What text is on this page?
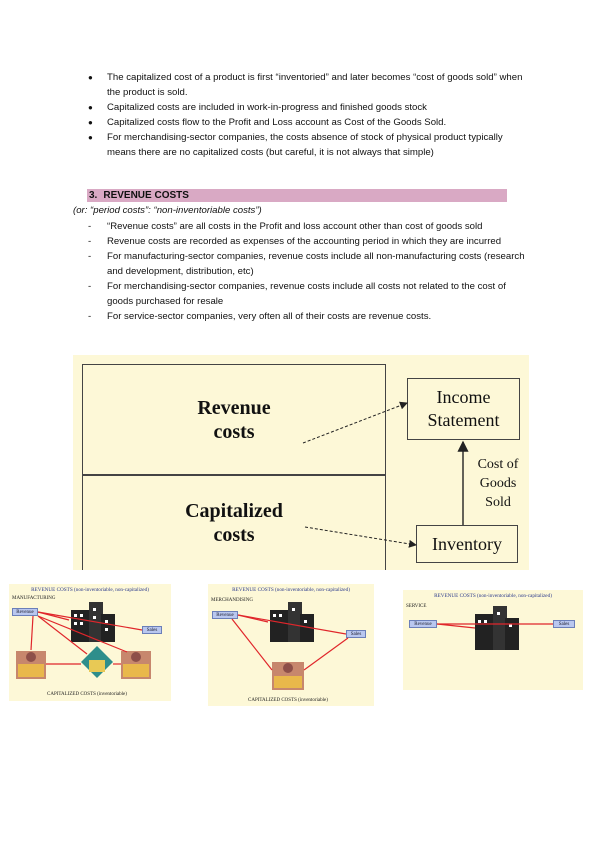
● The capitalized cost of a product is first “inventoried” and later becomes “cost of goods sold” when the product is sold.
● Capitalized costs are included in work-in-progress and finished goods stock
● Capitalized costs flow to the Profit and Loss account as Cost of the Goods Sold.
● For merchandising-sector companies, the costs absence of stock of physical product typically means there are no capitalized costs (but careful, it is not always that simple)
3. REVENUE COSTS
(or: “period costs”: “non-inventoriable costs”)
- “Revenue costs” are all costs in the Profit and loss account other than cost of goods sold
- Revenue costs are recorded as expenses of the accounting period in which they are incurred
- For manufacturing-sector companies, revenue costs include all non-manufacturing costs (research and development, distribution, etc)
- For merchandising-sector companies, revenue costs include all costs not related to the cost of goods purchased for resale
- For service-sector companies, very often all of their costs are revenue costs.
Revenue
costs
Capitalized
costs
Income
Statement
Inventory
Cost of
Goods
Sold
REVENUE COSTS (non-inventoriable, non-capitalized)
MANUFACTURING
Revenue
Sales
CAPITALIZED COSTS (inventoriable)
REVENUE COSTS (non-inventoriable, non-capitalized)
MERCHANDISING
Revenue
Sales
CAPITALIZED COSTS (inventoriable)
REVENUE COSTS (non-inventoriable, non-capitalized)
SERVICE
Revenue	Sales
